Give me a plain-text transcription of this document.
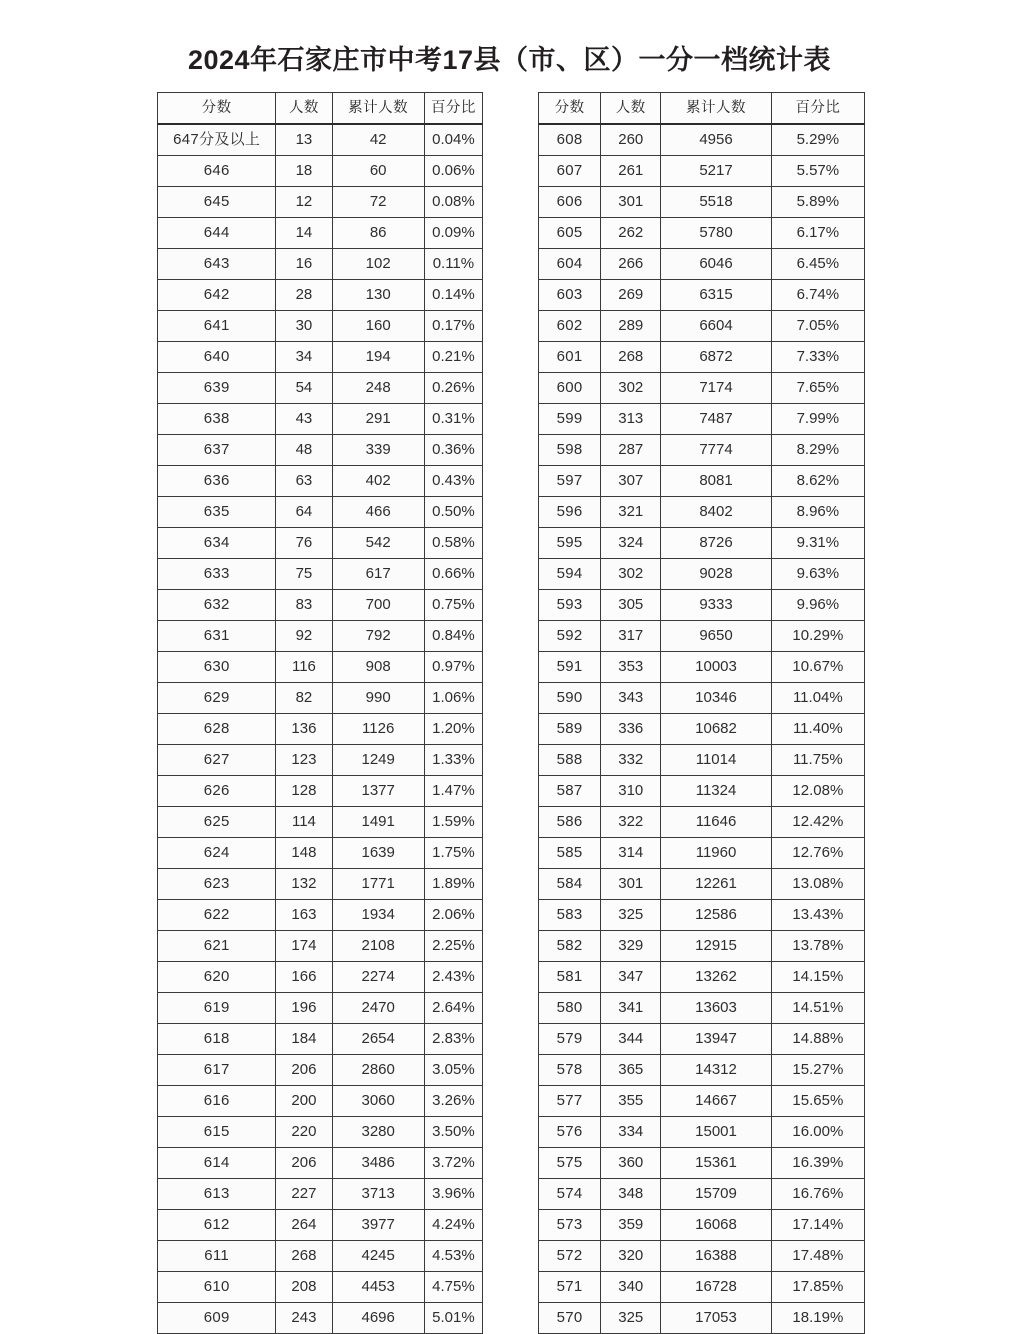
2024年石家庄市中考17县（市、区）一分一档统计表
分数	人数	累计人数	百分比
647分及以上	13	42	0.04%
646	18	60	0.06%
645	12	72	0.08%
644	14	86	0.09%
643	16	102	0.11%
642	28	130	0.14%
641	30	160	0.17%
640	34	194	0.21%
639	54	248	0.26%
638	43	291	0.31%
637	48	339	0.36%
636	63	402	0.43%
635	64	466	0.50%
634	76	542	0.58%
633	75	617	0.66%
632	83	700	0.75%
631	92	792	0.84%
630	116	908	0.97%
629	82	990	1.06%
628	136	1126	1.20%
627	123	1249	1.33%
626	128	1377	1.47%
625	114	1491	1.59%
624	148	1639	1.75%
623	132	1771	1.89%
622	163	1934	2.06%
621	174	2108	2.25%
620	166	2274	2.43%
619	196	2470	2.64%
618	184	2654	2.83%
617	206	2860	3.05%
616	200	3060	3.26%
615	220	3280	3.50%
614	206	3486	3.72%
613	227	3713	3.96%
612	264	3977	4.24%
611	268	4245	4.53%
610	208	4453	4.75%
609	243	4696	5.01%
分数	人数	累计人数	百分比
608	260	4956	5.29%
607	261	5217	5.57%
606	301	5518	5.89%
605	262	5780	6.17%
604	266	6046	6.45%
603	269	6315	6.74%
602	289	6604	7.05%
601	268	6872	7.33%
600	302	7174	7.65%
599	313	7487	7.99%
598	287	7774	8.29%
597	307	8081	8.62%
596	321	8402	8.96%
595	324	8726	9.31%
594	302	9028	9.63%
593	305	9333	9.96%
592	317	9650	10.29%
591	353	10003	10.67%
590	343	10346	11.04%
589	336	10682	11.40%
588	332	11014	11.75%
587	310	11324	12.08%
586	322	11646	12.42%
585	314	11960	12.76%
584	301	12261	13.08%
583	325	12586	13.43%
582	329	12915	13.78%
581	347	13262	14.15%
580	341	13603	14.51%
579	344	13947	14.88%
578	365	14312	15.27%
577	355	14667	15.65%
576	334	15001	16.00%
575	360	15361	16.39%
574	348	15709	16.76%
573	359	16068	17.14%
572	320	16388	17.48%
571	340	16728	17.85%
570	325	17053	18.19%
